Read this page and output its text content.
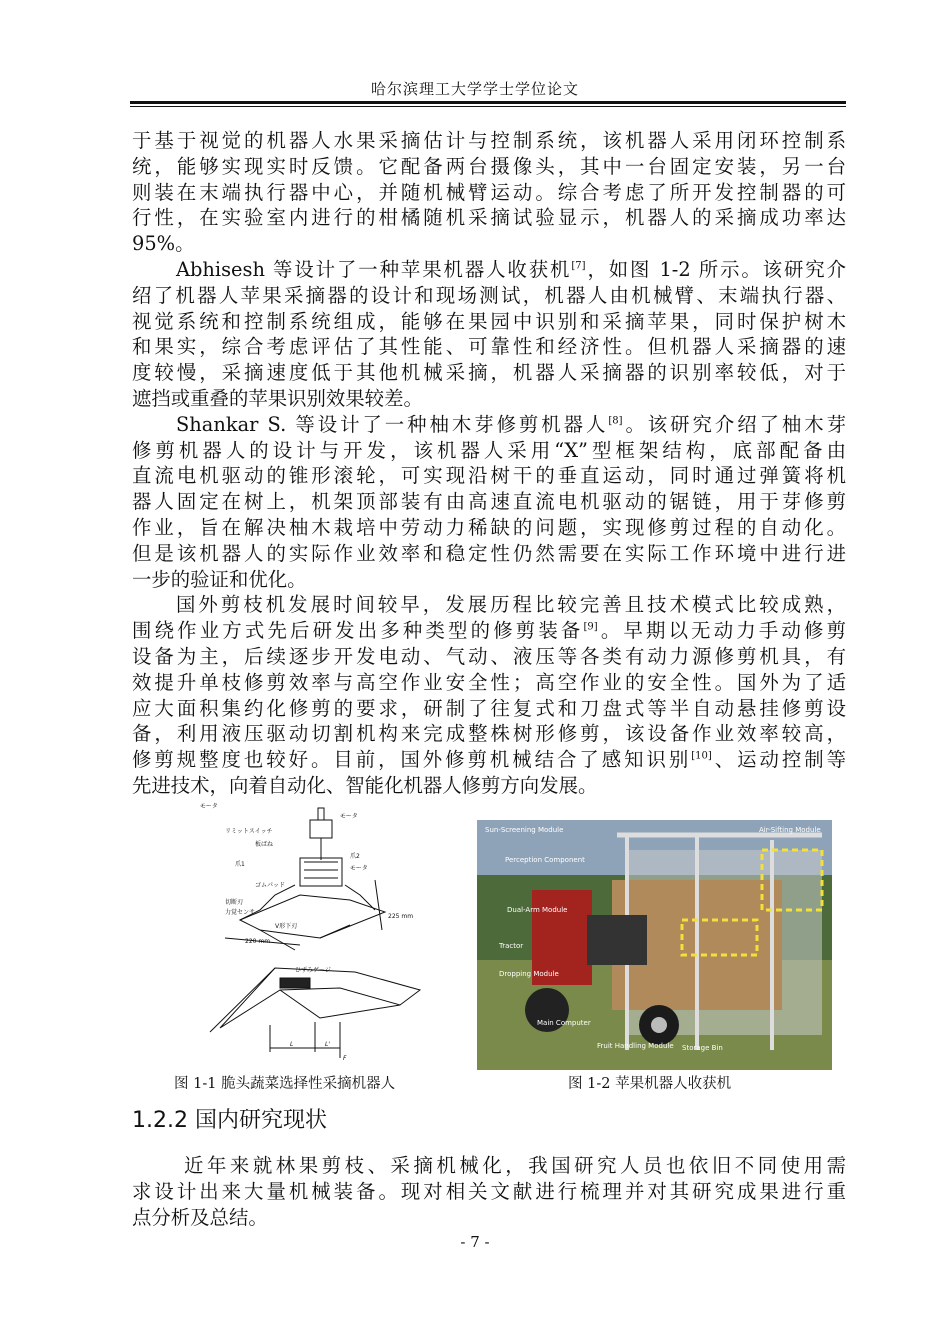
哈尔滨理工大学学士学位论文
于基于视觉的机器人水果采摘估计与控制系统，该机器人采用闭环控制系
统，能够实现实时反馈。它配备两台摄像头，其中一台固定安装，另一台
则装在末端执行器中心，并随机械臂运动。综合考虑了所开发控制器的可
行性，在实验室内进行的柑橘随机采摘试验显示，机器人的采摘成功率达
95%。
Abhisesh 等设计了一种苹果机器人收获机[7]，如图 1-2 所示。该研究介
绍了机器人苹果采摘器的设计和现场测试，机器人由机械臂、末端执行器、
视觉系统和控制系统组成，能够在果园中识别和采摘苹果，同时保护树木
和果实，综合考虑评估了其性能、可靠性和经济性。但机器人采摘器的速
度较慢，采摘速度低于其他机械采摘，机器人采摘器的识别率较低，对于
遮挡或重叠的苹果识别效果较差。
Shankar S. 等设计了一种柚木芽修剪机器人[8]。该研究介绍了柚木芽
修剪机器人的设计与开发，该机器人采用“X”型框架结构，底部配备由
直流电机驱动的锥形滚轮，可实现沿树干的垂直运动，同时通过弹簧将机
器人固定在树上，机架顶部装有由高速直流电机驱动的锯链，用于芽修剪
作业，旨在解决柚木栽培中劳动力稀缺的问题，实现修剪过程的自动化。
但是该机器人的实际作业效率和稳定性仍然需要在实际工作环境中进行进
一步的验证和优化。
国外剪枝机发展时间较早，发展历程比较完善且技术模式比较成熟，
围绕作业方式先后研发出多种类型的修剪装备[9]。早期以无动力手动修剪
设备为主，后续逐步开发电动、气动、液压等各类有动力源修剪机具，有
效提升单枝修剪效率与高空作业安全性；高空作业的安全性。国外为了适
应大面积集约化修剪的要求，研制了往复式和刀盘式等半自动悬挂修剪设
备，利用液压驱动切割机构来完成整株树形修剪，该设备作业效率较高，
修剪规整度也较好。目前，国外修剪机械结合了感知识别[10]、运动控制等
先进技术，向着自动化、智能化机器人修剪方向发展。
モータ
モータ
リミットスイッチ
板ばね
爪1
爪2
モータ
ゴムパッド
切断刃
力覚センサ
V形下刃
225 mm
220 mm
ひずみゲージ
L	L'
F
图 1-1 脆头蔬菜选择性采摘机器人
Sun-Screening Module
Perception Component
Dual-Arm Module
Tractor
Dropping Module
Main Computer
Fruit Handling Module Storage Bin
Air-Sifting Module
图 1-2 苹果机器人收获机
1.2.2 国内研究现状
近年来就林果剪枝、采摘机械化，我国研究人员也依旧不同使用需
求设计出来大量机械装备。现对相关文献进行梳理并对其研究成果进行重
点分析及总结。
- 7 -
